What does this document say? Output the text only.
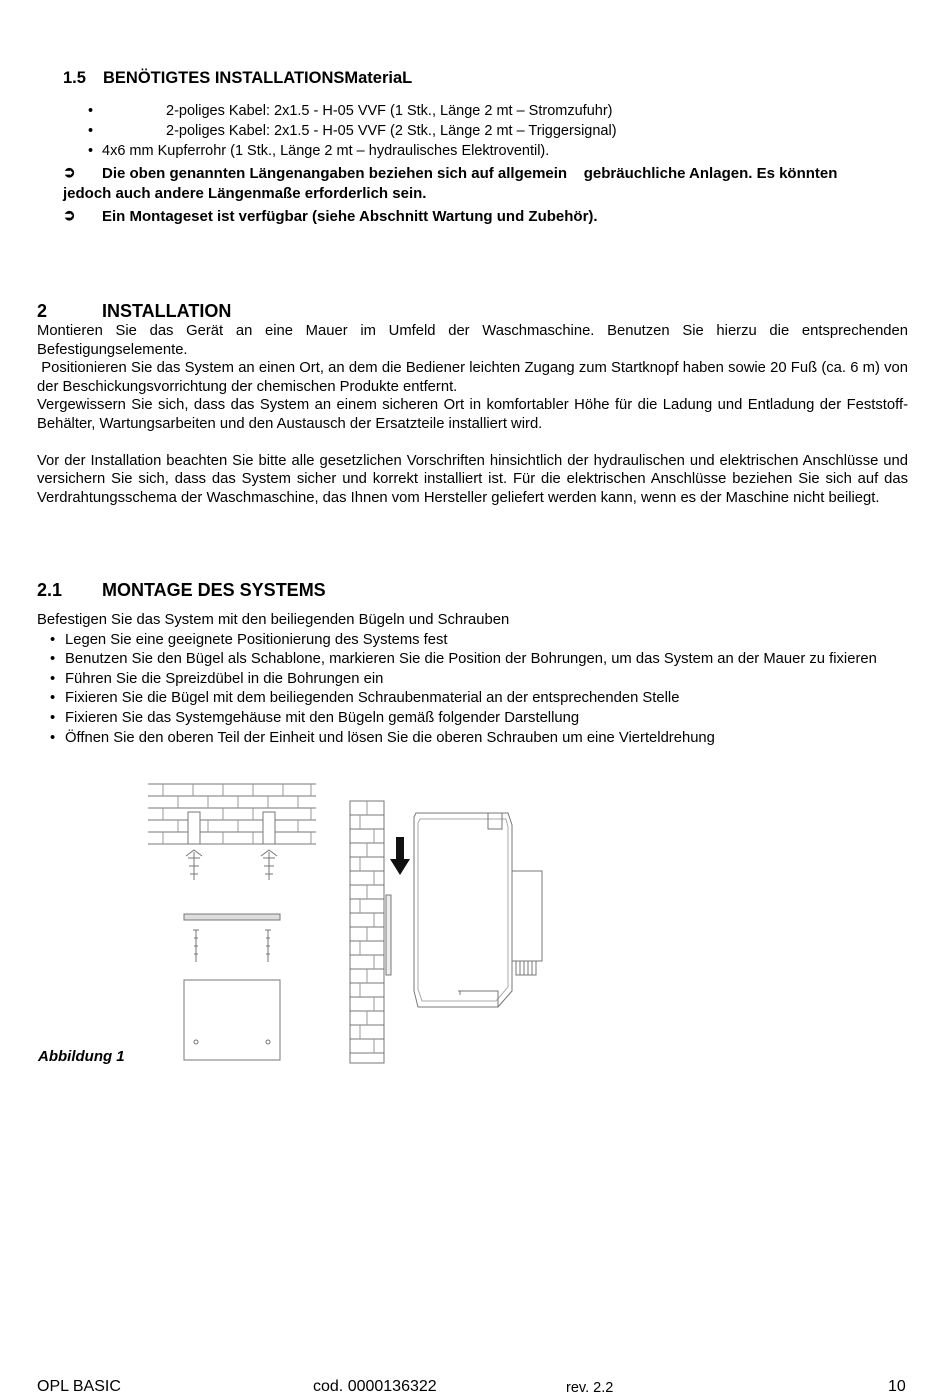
1.5 BENÖTIGTES INSTALLATIONSMateriaL
•	2-poliges Kabel: 2x1.5 - H-05 VVF (1 Stk., Länge 2 mt – Stromzufuhr)
•	2-poliges Kabel: 2x1.5 - H-05 VVF (2 Stk., Länge 2 mt – Triggersignal)
• 4x6 mm Kupferrohr (1 Stk., Länge 2 mt – hydraulisches Elektroventil).
➲ Die oben genannten Längenangaben beziehen sich auf allgemein    gebräuchliche Anlagen. Es könnten
jedoch auch andere Längenmaße erforderlich sein.
➲ Ein Montageset ist verfügbar (siehe Abschnitt Wartung und Zubehör).
2	INSTALLATION

Montieren Sie das Gerät an eine Mauer im Umfeld der Waschmaschine. Benutzen Sie hierzu die entsprechenden Befestigungselemente.

Positionieren Sie das System an einen Ort, an dem die Bediener leichten Zugang zum Startknopf haben sowie 20 Fuß (ca. 6 m) von der Beschickungsvorrichtung der chemischen Produkte entfernt.

Vergewissern Sie sich, dass das System an einem sicheren Ort in komfortabler Höhe für die Ladung und Entladung der Feststoff-Behälter, Wartungsarbeiten und den Austausch der Ersatzteile installiert wird.

Vor der Installation beachten Sie bitte alle gesetzlichen Vorschriften hinsichtlich der hydraulischen und elektrischen Anschlüsse und versichern Sie sich, dass das System sicher und korrekt installiert ist. Für die elektrischen Anschlüsse beziehen Sie sich auf das Verdrahtungsschema der Waschmaschine, das Ihnen vom Hersteller geliefert werden kann, wenn es der Maschine nicht beiliegt.

2.1 MONTAGE DES SYSTEMS
Befestigen Sie das System mit den beiliegenden Bügeln und Schrauben
• Legen Sie eine geeignete Positionierung des Systems fest
• Benutzen Sie den Bügel als Schablone, markieren Sie die Position der Bohrungen, um das System an der Mauer zu fixieren
• Führen Sie die Spreizdübel in die Bohrungen ein
• Fixieren Sie die Bügel mit dem beiliegenden Schraubenmaterial an der entsprechenden Stelle
• Fixieren Sie das Systemgehäuse mit den Bügeln gemäß folgender Darstellung
• Öffnen Sie den oberen Teil der Einheit und lösen Sie die oberen Schrauben um eine Vierteldrehung
Abbildung 1
OPL BASIC	cod. 0000136322	rev. 2.2	10
